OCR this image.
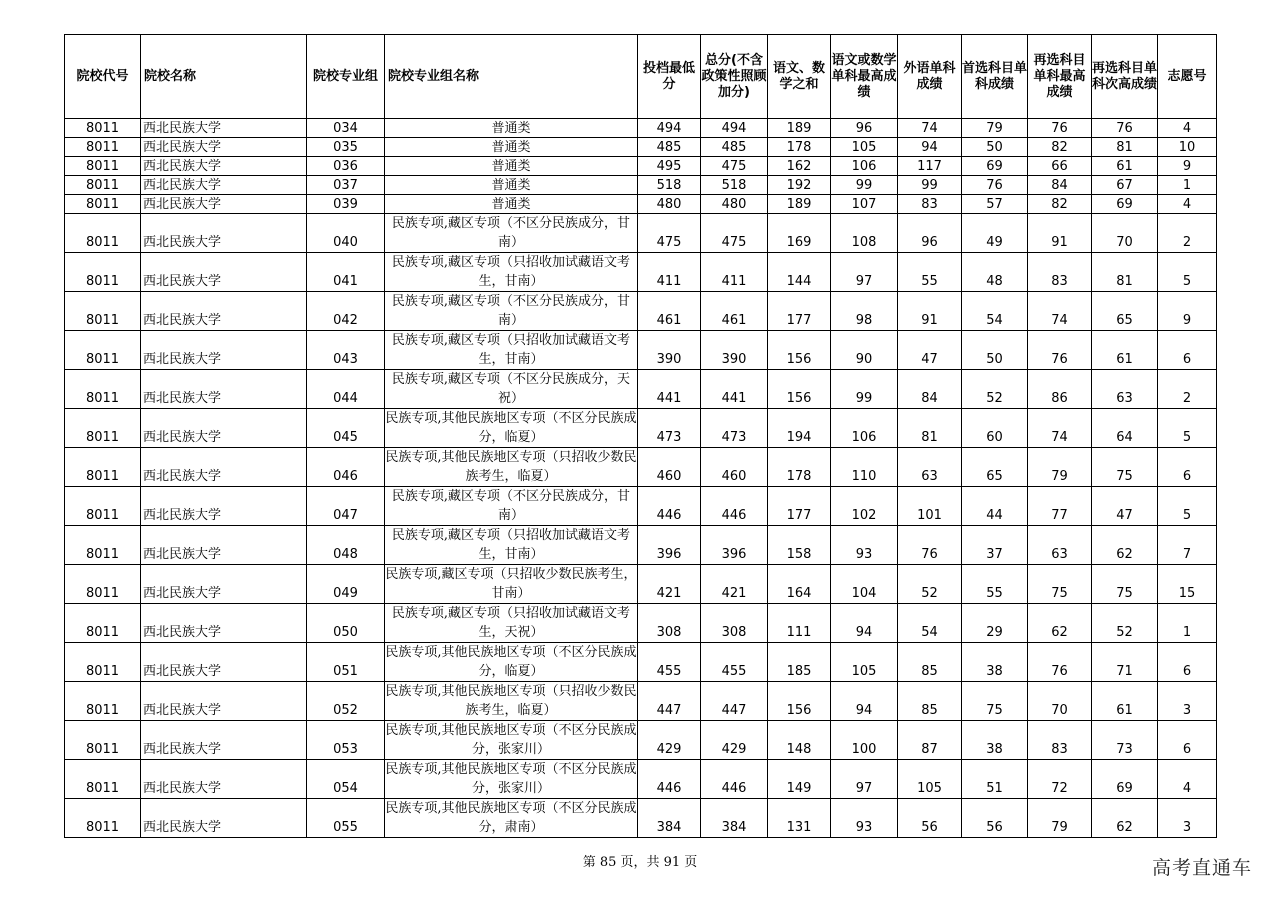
院校代号	院校名称	院校专业组	院校专业组名称	投档最低分	总分(不含政策性照顾加分)	语文、数学之和	语文或数学单科最高成绩	外语单科成绩	首选科目单科成绩	再选科目单科最高成绩	再选科目单科次高成绩	志愿号
8011	西北民族大学	034	普通类	494	494	189	96	74	79	76	76	4
8011	西北民族大学	035	普通类	485	485	178	105	94	50	82	81	10
8011	西北民族大学	036	普通类	495	475	162	106	117	69	66	61	9
8011	西北民族大学	037	普通类	518	518	192	99	99	76	84	67	1
8011	西北民族大学	039	普通类	480	480	189	107	83	57	82	69	4
8011	西北民族大学	040	民族专项,藏区专项（不区分民族成分，甘南）	475	475	169	108	96	49	91	70	2
8011	西北民族大学	041	民族专项,藏区专项（只招收加试藏语文考生，甘南）	411	411	144	97	55	48	83	81	5
8011	西北民族大学	042	民族专项,藏区专项（不区分民族成分，甘南）	461	461	177	98	91	54	74	65	9
8011	西北民族大学	043	民族专项,藏区专项（只招收加试藏语文考生，甘南）	390	390	156	90	47	50	76	61	6
8011	西北民族大学	044	民族专项,藏区专项（不区分民族成分，天祝）	441	441	156	99	84	52	86	63	2
8011	西北民族大学	045	民族专项,其他民族地区专项（不区分民族成分，临夏）	473	473	194	106	81	60	74	64	5
8011	西北民族大学	046	民族专项,其他民族地区专项（只招收少数民族考生，临夏）	460	460	178	110	63	65	79	75	6
8011	西北民族大学	047	民族专项,藏区专项（不区分民族成分，甘南）	446	446	177	102	101	44	77	47	5
8011	西北民族大学	048	民族专项,藏区专项（只招收加试藏语文考生，甘南）	396	396	158	93	76	37	63	62	7
8011	西北民族大学	049	民族专项,藏区专项（只招收少数民族考生，甘南）	421	421	164	104	52	55	75	75	15
8011	西北民族大学	050	民族专项,藏区专项（只招收加试藏语文考生，天祝）	308	308	111	94	54	29	62	52	1
8011	西北民族大学	051	民族专项,其他民族地区专项（不区分民族成分，临夏）	455	455	185	105	85	38	76	71	6
8011	西北民族大学	052	民族专项,其他民族地区专项（只招收少数民族考生，临夏）	447	447	156	94	85	75	70	61	3
8011	西北民族大学	053	民族专项,其他民族地区专项（不区分民族成分，张家川）	429	429	148	100	87	38	83	73	6
8011	西北民族大学	054	民族专项,其他民族地区专项（不区分民族成分，张家川）	446	446	149	97	105	51	72	69	4
8011	西北民族大学	055	民族专项,其他民族地区专项（不区分民族成分，肃南）	384	384	131	93	56	56	79	62	3
第 85 页，共 91 页	高考直通车
